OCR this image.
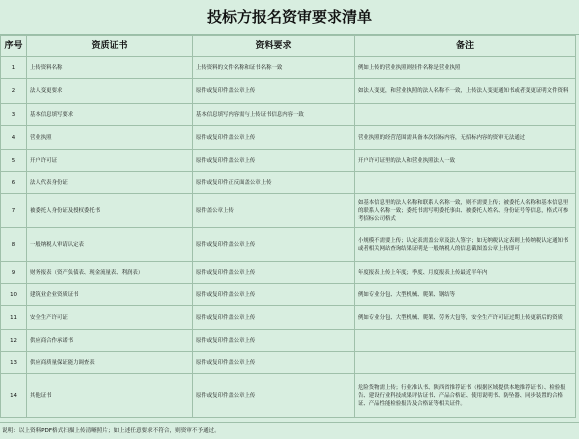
投标方报名资审要求清单
序号	资质证书	资料要求	备注
1	上传资料名称	上传资料的文件名称和证书名称一致	例如上传的营业执照则挂件名称是营业执照
2	法人变更要求	原件或复印件盖公章上传	如法人变更，和营业执照的法人名称不一致，上传法人变更通知书或者变更证明文件资料
3	基本信息填写要求	基本信息填写内容需与上传证书信息内容一致	
4	营业执照	原件或复印件盖公章上传	营业执照的经营范围需具备本次招标内容，无招标内容的资审无法通过
5	开户许可证	原件或复印件盖公章上传	开户许可证里的法人和营业执照法人一致
6	法人代表身份证	原件或复印件正反面盖公章上传	
7	被委托人身份证及授权委托书	原件盖公章上传	如基本信息里的法人名称和联系人名称一致，则不需要上传；被委托人名称和基本信息里的联系人名称一致；委托书需写明委托事由、被委托人姓名、身份证号等信息，格式可参考招标公司格式
8	一般纳税人审请认定表	原件或复印件盖公章上传	小规模不需要上传；认定表需盖公章及法人签字；如无纳税认定表则上传纳税认定通知书或者相关网站查询结果证明是一般纳税人的信息截图盖公章上传即可
9	财务报表（资产负债表、现金流量表、利润表）	原件或复印件盖公章上传	年度报表上传上年度；季度、月度报表上传最近半年内
10	建筑业企业资质证书	原件或复印件盖公章上传	例如专业分包、大型机械、爬架、钢结等
11	安全生产许可证	原件或复印件盖公章上传	例如专业分包、大型机械、爬架、劳务大包等，安全生产许可证过期上传更新后的资质
12	供应商合作承诺书	原件或复印件盖公章上传	
13	供应商质量保证能力调查表	原件或复印件盖公章上传	
14	其他证书	原件或复印件盖公章上传	危险货物需上传；行业准认书、陕西省推荐证书（根据区域提供本地推荐证书）、检验报告、建设行业科技成果评估证书、产品合格证、使用说明书、防坠器、同步装置的合格证、产品性能检验报告及合格证等相关证件。
说明：以上资料PDF格式扫描上传清晰照片；如上述任意要求不符合，则资审不予通过。
